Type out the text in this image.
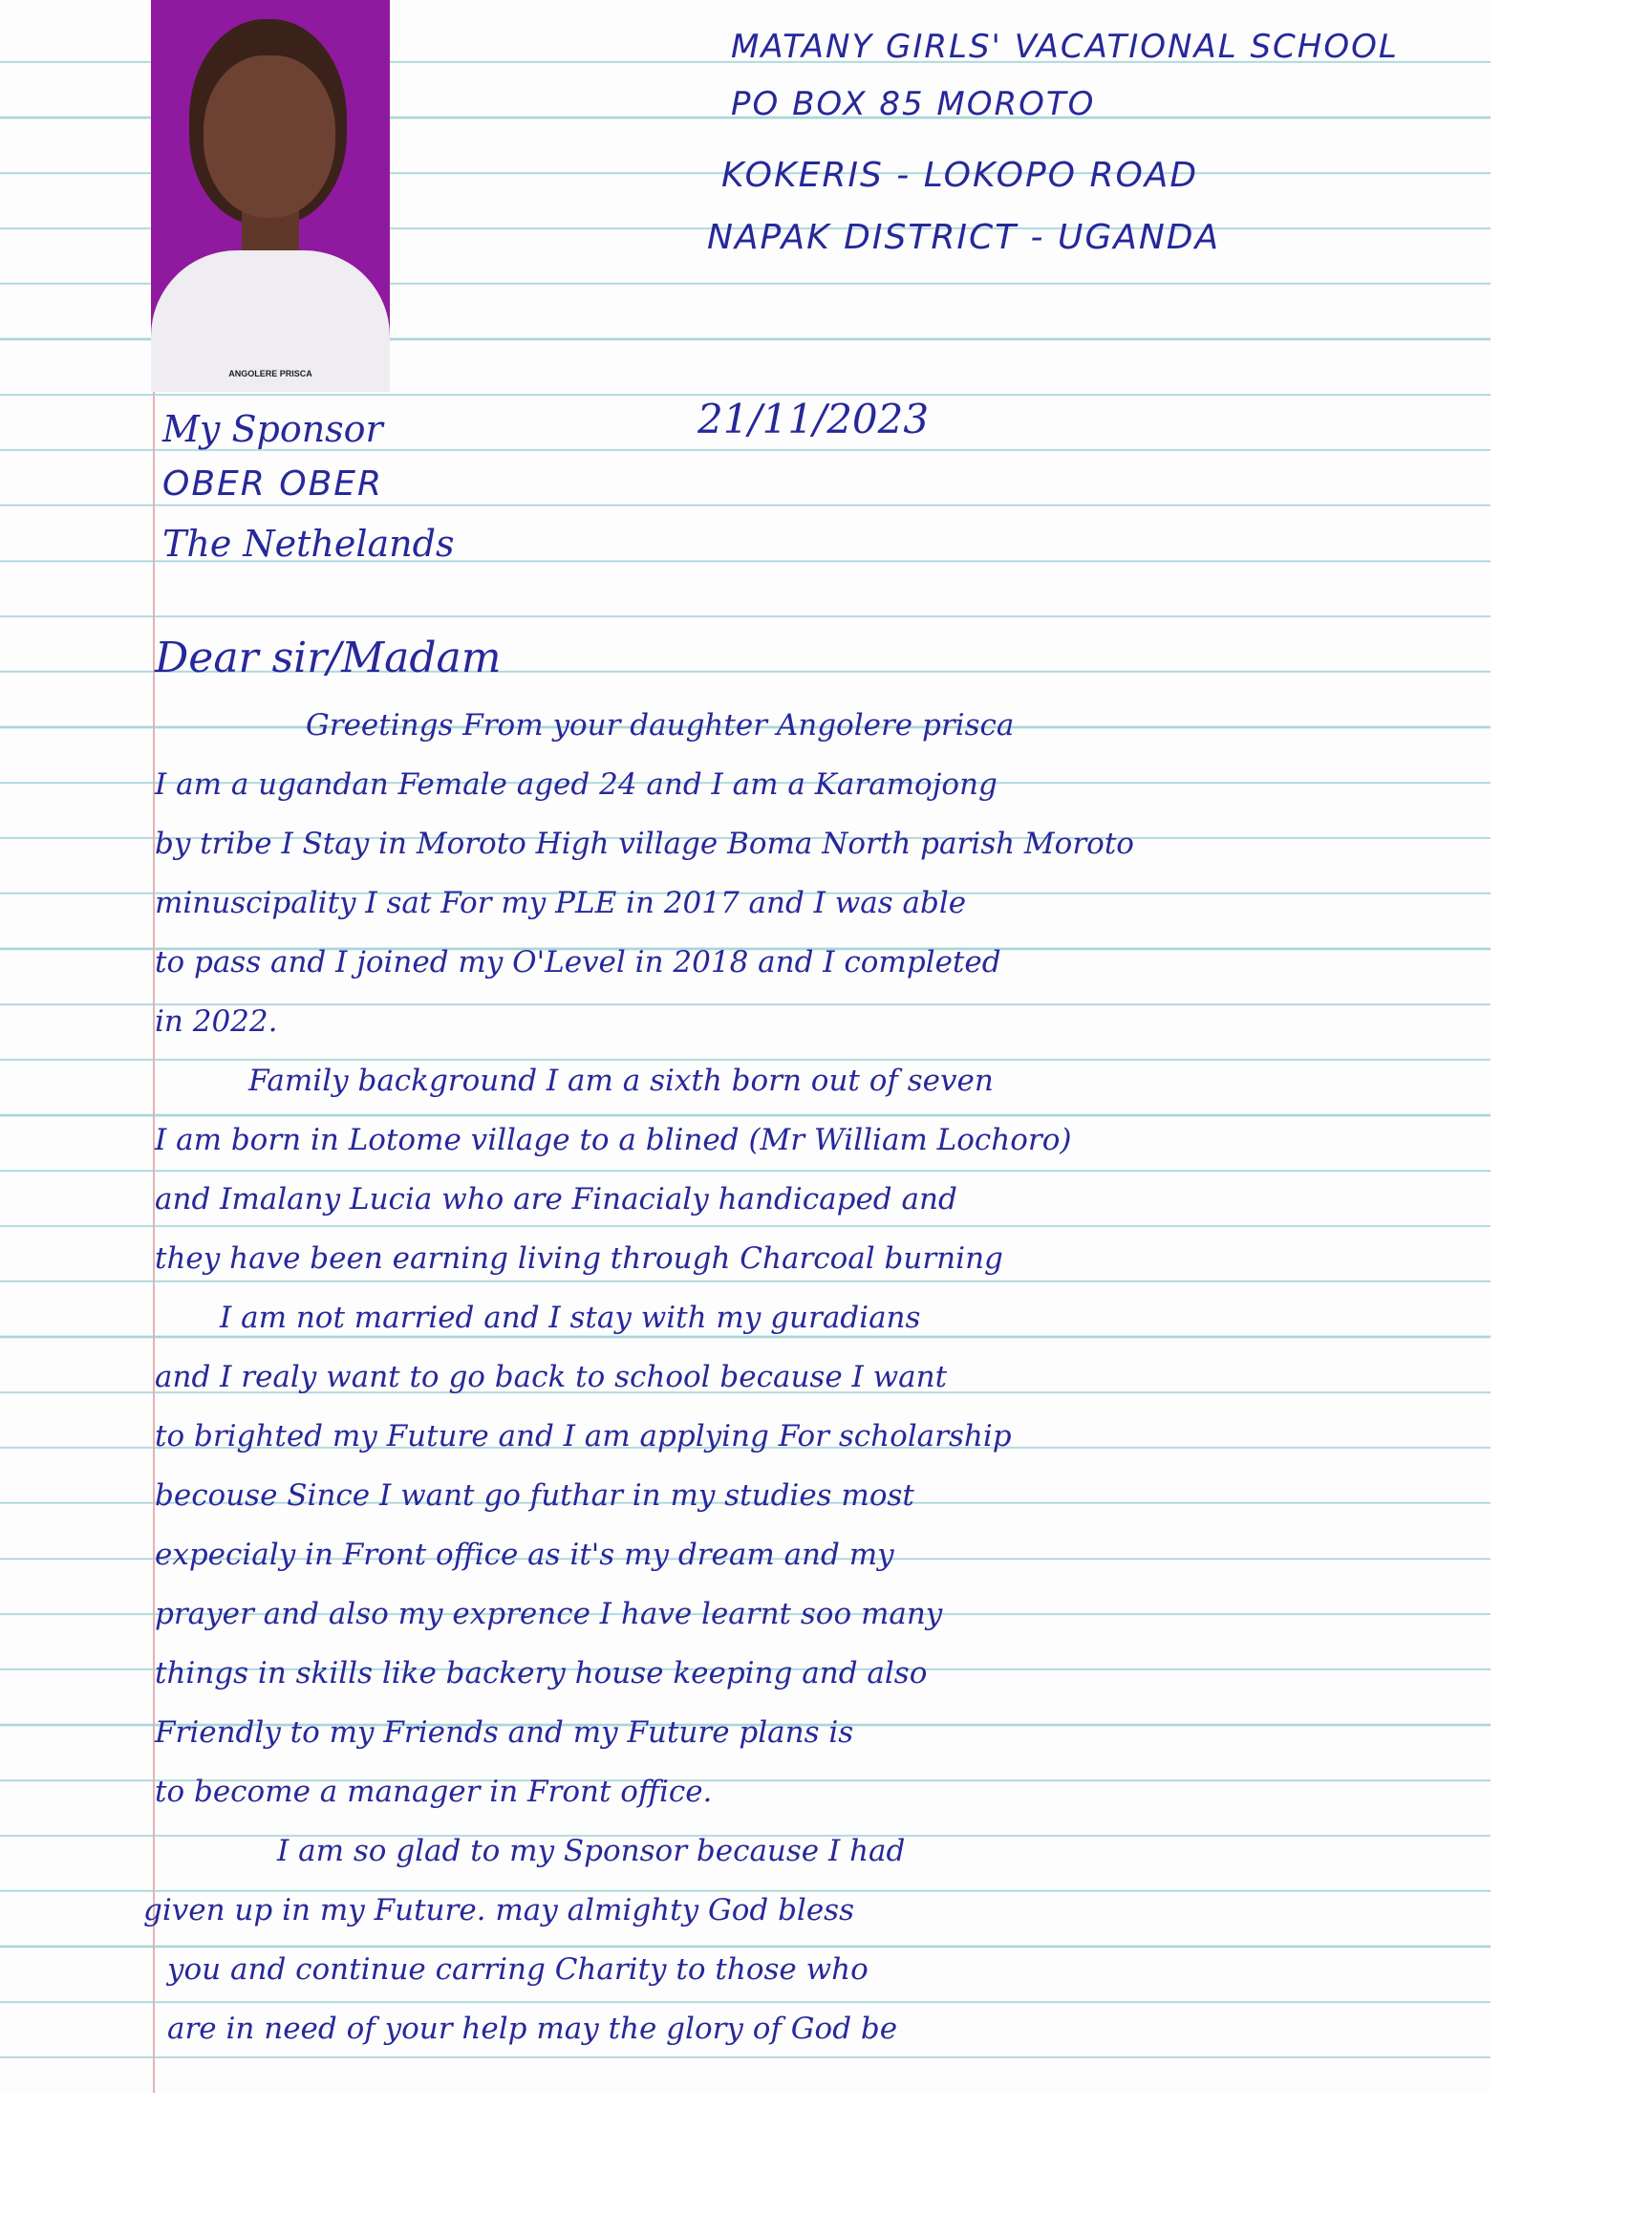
ANGOLERE PRISCA
MATANY GIRLS' VACATIONAL SCHOOL
PO BOX 85 MOROTO
KOKERIS - LOKOPO ROAD
NAPAK DISTRICT - UGANDA
21/11/2023
My Sponsor
OBER OBER
The Nethelands
Dear sir/Madam
Greetings From your daughter Angolere prisca
I am a ugandan Female aged 24 and I am a Karamojong
by tribe I Stay in Moroto High village Boma North parish Moroto
minuscipality I sat For my PLE in 2017 and I was able
to pass and I joined my O'Level in 2018 and I completed
in 2022.
Family background I am a sixth born out of seven
I am born in Lotome village to a blined (Mr William Lochoro)
and Imalany Lucia who are Finacialy handicaped and
they have been earning living through Charcoal burning
I am not married and I stay with my guradians
and I realy want to go back to school because I want
to brighted my Future and I am applying For scholarship
becouse Since I want go futhar in my studies most
expecialy in Front office as it's my dream and my
prayer and also my exprence I have learnt soo many
things in skills like backery house keeping and also
Friendly to my Friends and my Future plans is
to become a manager in Front office.
I am so glad to my Sponsor because I had
given up in my Future. may almighty God bless
you and continue carring Charity to those who
are in need of your help may the glory of God be
